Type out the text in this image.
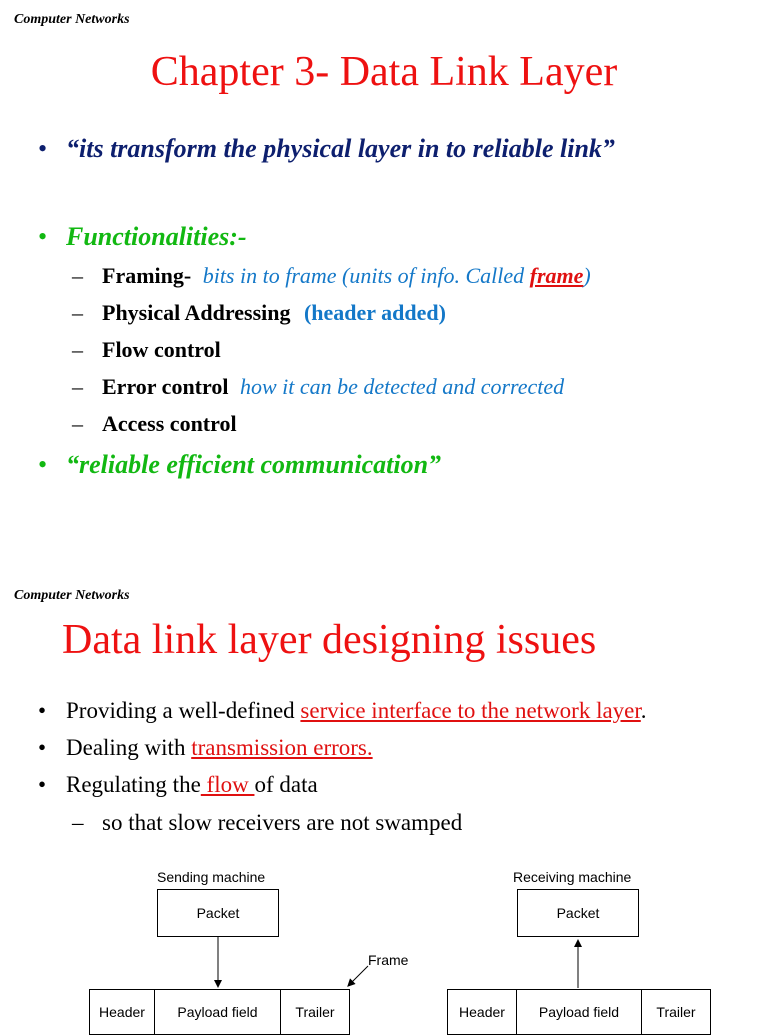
Computer Networks
Chapter 3- Data Link Layer
• “its transform the physical layer in to reliable link”
• Functionalities:-
– Framing- bits in to frame (units of info. Called frame)
– Physical Addressing (header added)
– Flow control
– Error control how it can be detected and corrected
– Access control
• “reliable efficient communication”
Computer Networks
Data link layer designing issues
• Providing a well-defined service interface to the network layer.
• Dealing with transmission errors.
• Regulating the flow of data
– so that slow receivers are not swamped
Sending machine	Receiving machine
Packet	Packet
Frame
Header Payload field	Trailer	Header Payload field	Trailer
